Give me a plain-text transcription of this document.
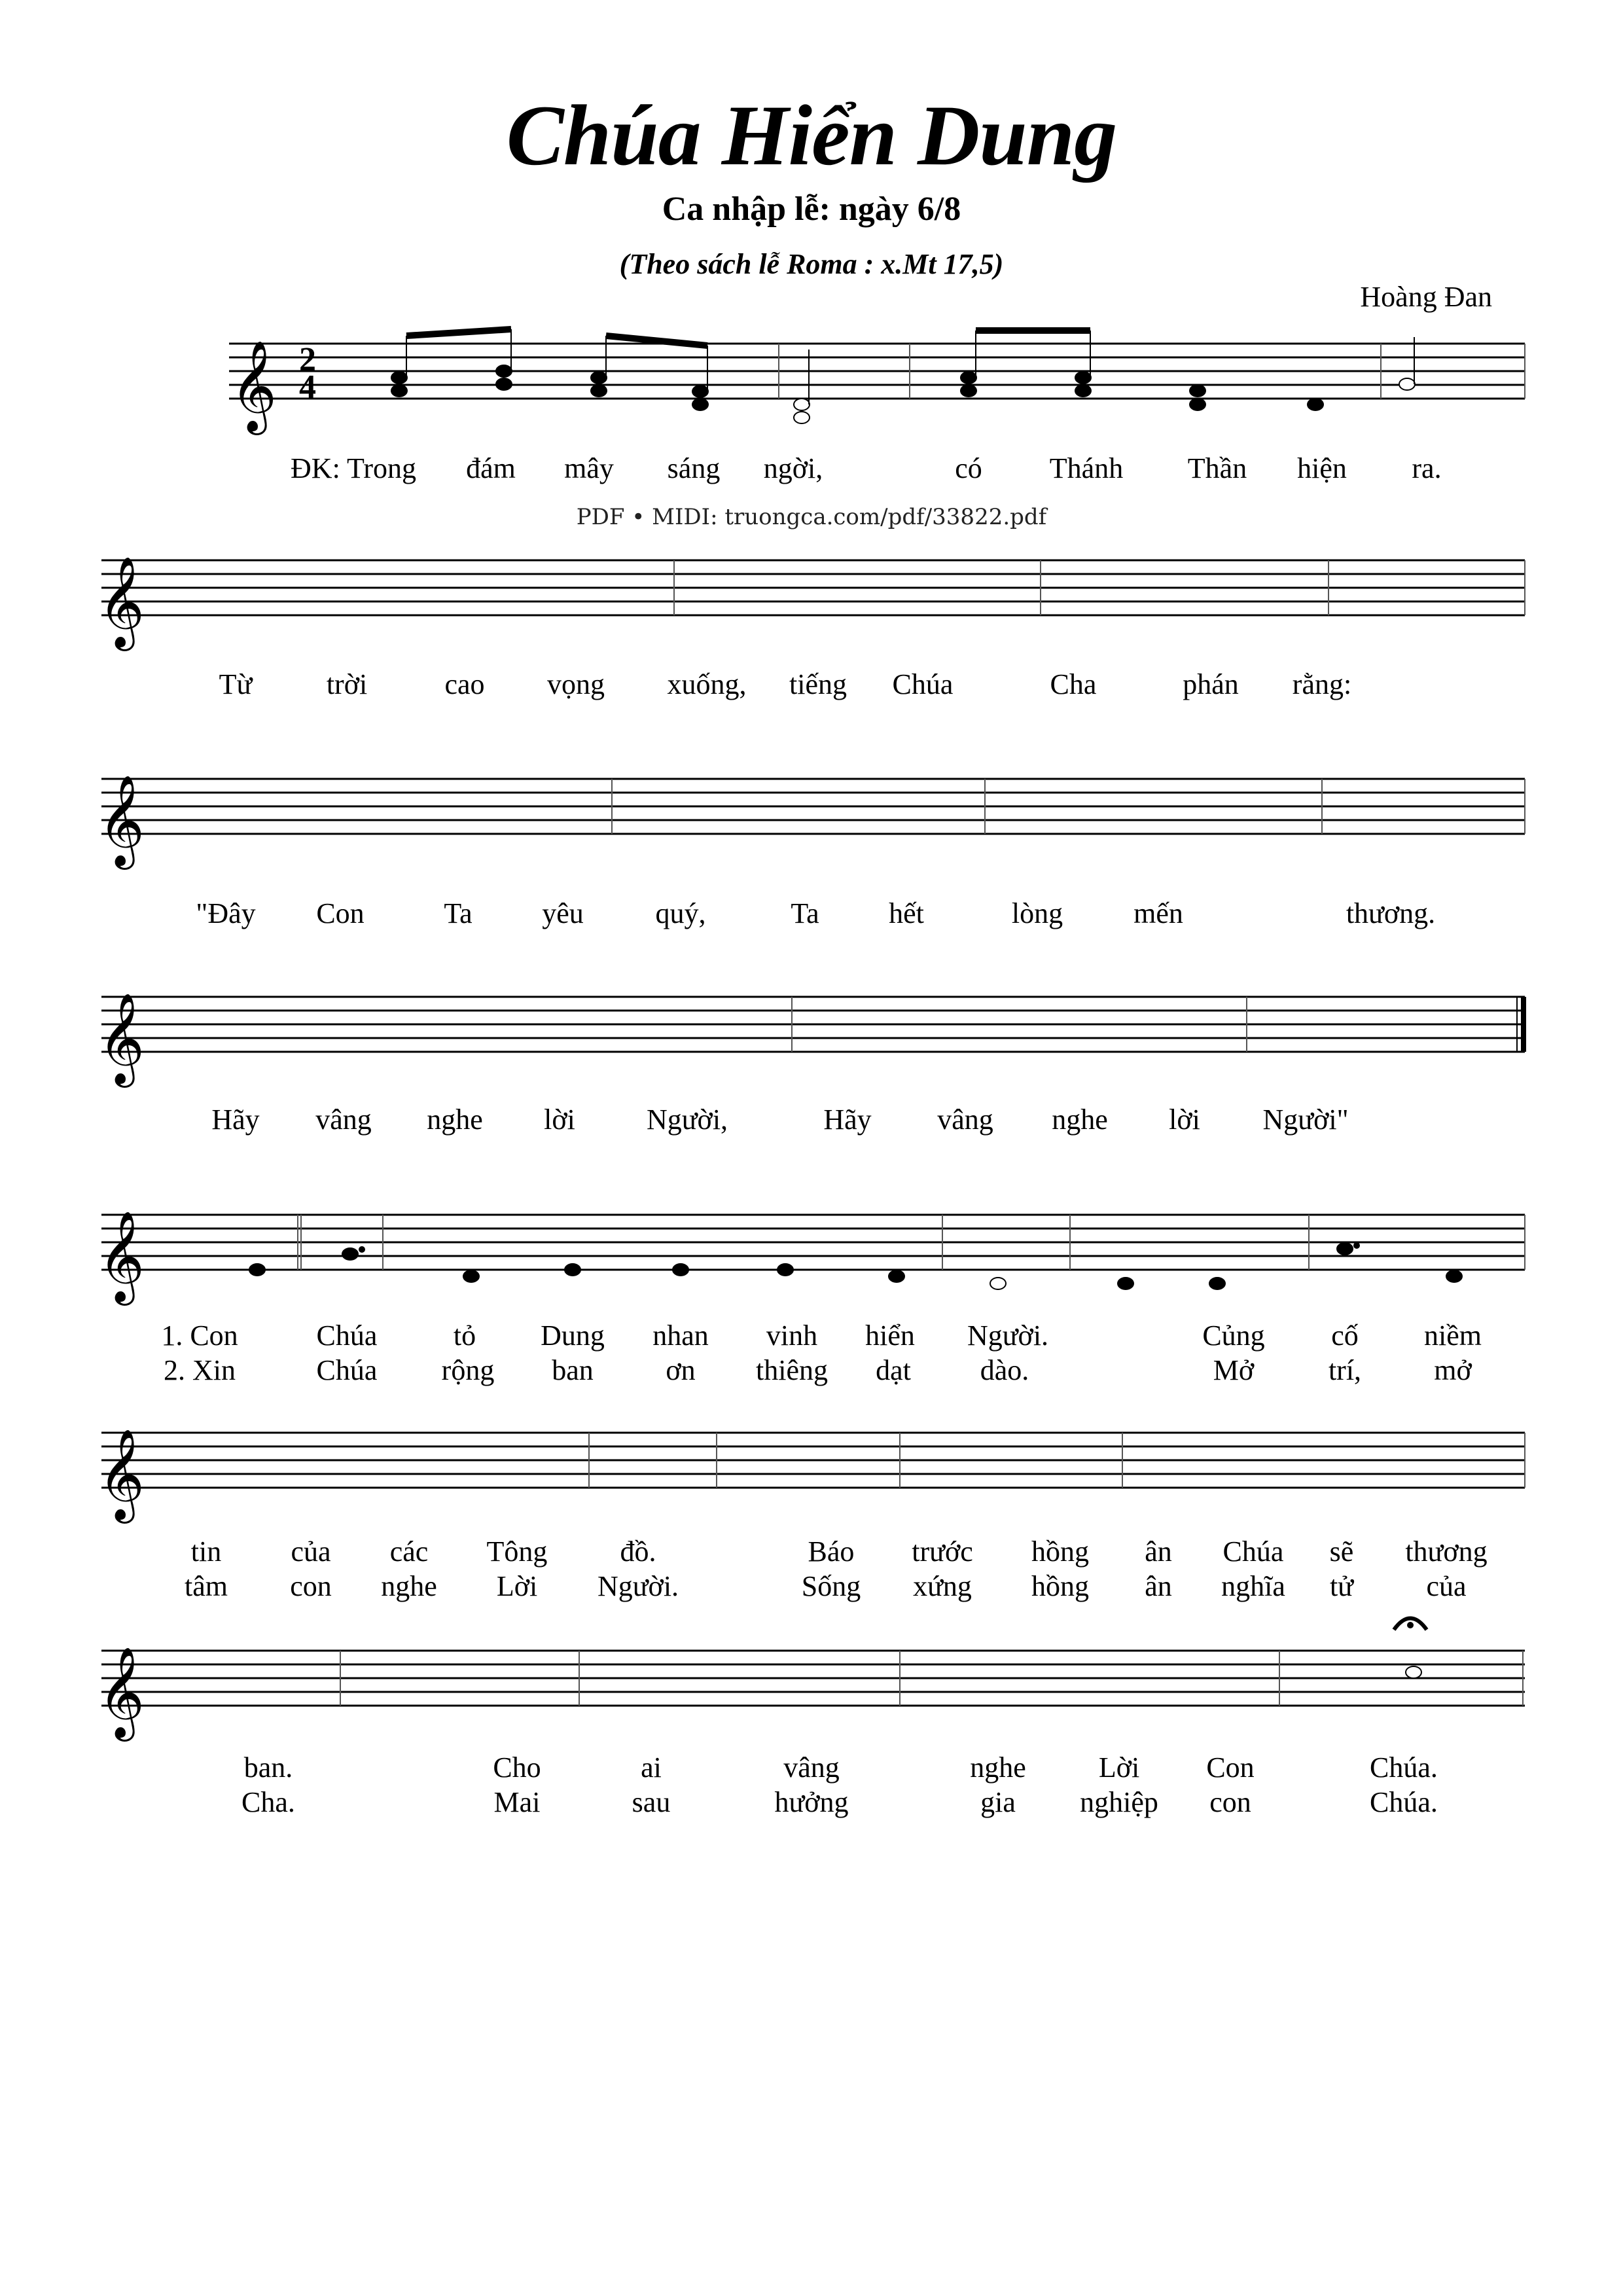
Chúa Hiển Dung
Ca nhập lễ: ngày 6/8
(Theo sách lễ Roma : x.Mt 17,5)
Hoàng Đan
PDF • MIDI: truongca.com/pdf/33822.pdf
𝄞
𝄞
𝄞
𝄞
𝄞
𝄞
𝄞
2
4
ĐK: Trong đám mây sáng ngời,	có Thánh Thần hiện ra.
Từ	trời	cao vọng xuống, tiếng Chúa	Cha	phán rằng:
"Đây Con	Ta yêu quý,	Ta hết	lòng mến	thương.
Hãy vâng nghe lời Người,	Hãy vâng nghe lời Người"
1. Con	Chúa	tỏ Dung nhan vinh hiển Người.	Củng cố niềm
2. Xin	Chúa rộng ban	ơn thiêng dạt dào.	Mở	trí,	mở
tin của các Tông	đồ.	Báo trước hồng ân Chúa sẽ thương
tâm con nghe Lời Người.	Sống xứng hồng ân nghĩa tử	của
ban.	Cho	ai	vâng	nghe	Lời Con	Chúa.
Cha.	Mai	sau	hưởng	gia nghiệp con	Chúa.
